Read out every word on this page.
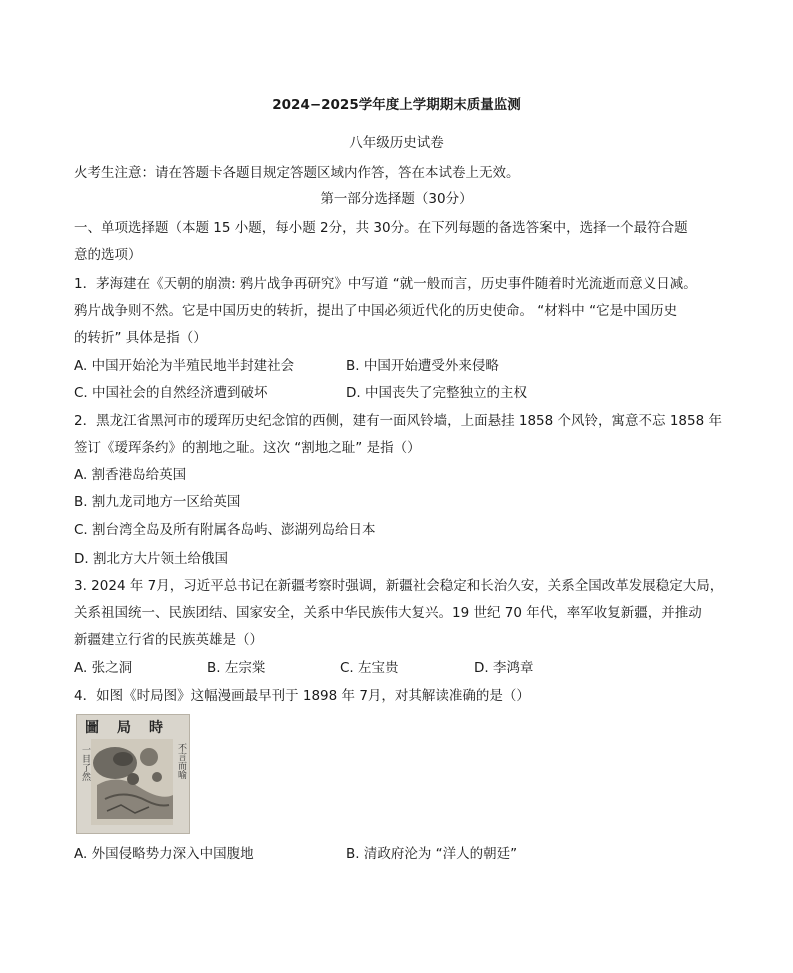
2024−2025学年度上学期期末质量监测
八年级历史试卷
火考生注意：请在答题卡各题目规定答题区域内作答，答在本试卷上无效。
第一部分选择题（30分）
一、单项选择题（本题 15 小题，每小题 2分，共 30分。在下列每题的备选答案中，选择一个最符合题
意的选项）
1．茅海建在《天朝的崩溃: 鸦片战争再研究》中写道 “就一般而言，历史事件随着时光流逝而意义日减。
鸦片战争则不然。它是中国历史的转折，提出了中国必须近代化的历史使命。 “材料中 “它是中国历史
的转折” 具体是指（）
A. 中国开始沦为半殖民地半封建社会	B. 中国开始遭受外来侵略
C. 中国社会的自然经济遭到破坏	D. 中国丧失了完整独立的主权
2．黑龙江省黑河市的瑷珲历史纪念馆的西侧，建有一面风铃墙，上面悬挂 1858 个风铃，寓意不忘 1858 年
签订《瑷珲条约》的割地之耻。这次 “割地之耻” 是指（）
A. 割香港岛给英国
B. 割九龙司地方一区给英国
C. 割台湾全岛及所有附属各岛屿、澎湖列岛给日本
D. 割北方大片领土给俄国
3. 2024 年 7月，习近平总书记在新疆考察时强调，新疆社会稳定和长治久安，关系全国改革发展稳定大局，
关系祖国统一、民族团结、国家安全，关系中华民族伟大复兴。19 世纪 70 年代，率军收复新疆，并推动
新疆建立行省的民族英雄是（）
A. 张之洞	B. 左宗棠	C. 左宝贵	D. 李鸿章
4．如图《时局图》这幅漫画最早刊于 1898 年 7月，对其解读准确的是（）
圖局時
一目了然	不言而喻
A. 外国侵略势力深入中国腹地	B. 清政府沦为 “洋人的朝廷”
